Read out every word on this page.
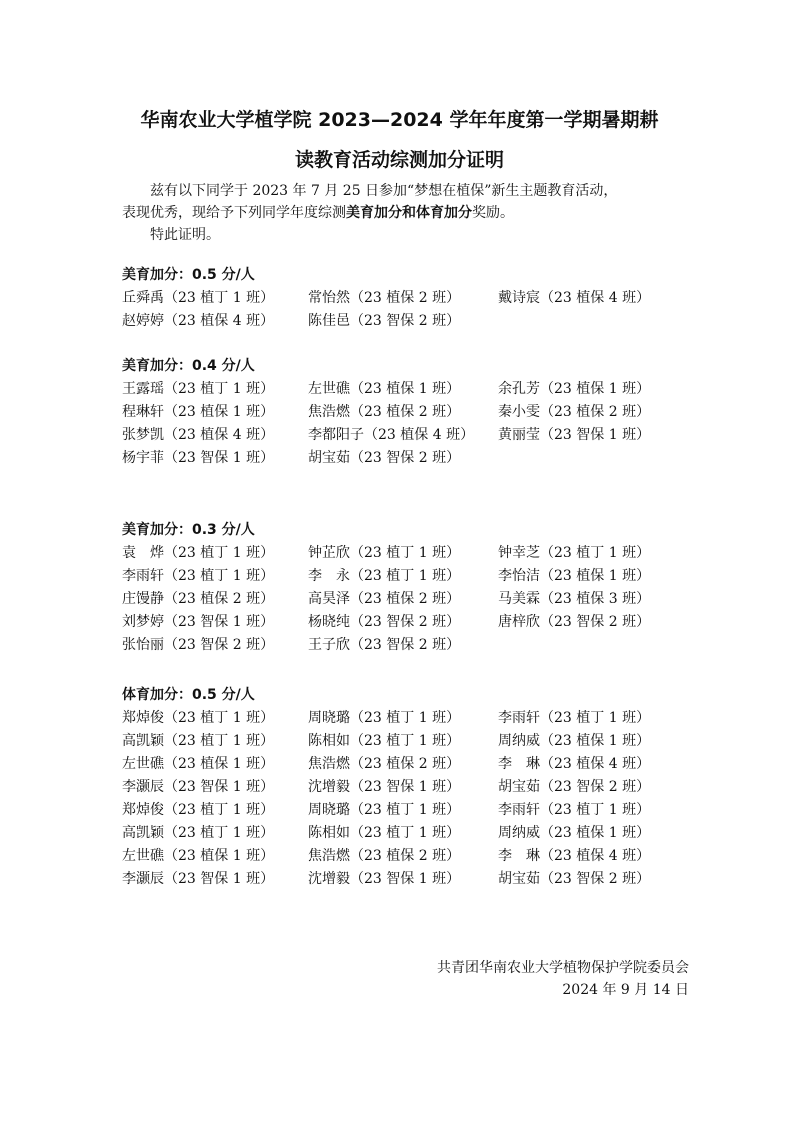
华南农业大学植学院 2023—2024 学年年度第一学期暑期耕
读教育活动综测加分证明
兹有以下同学于 2023 年 7 月 25 日参加“梦想在植保”新生主题教育活动，
表现优秀，现给予下列同学年度综测美育加分和体育加分奖励。
特此证明。
美育加分：0.5 分/人
丘舜禹（23 植丁 1 班）	常怡然（23 植保 2 班）	戴诗宸（23 植保 4 班）
赵婷婷（23 植保 4 班）	陈佳邑（23 智保 2 班）
美育加分：0.4 分/人
王露瑶（23 植丁 1 班）	左世礁（23 植保 1 班）	余孔芳（23 植保 1 班）
程琳轩（23 植保 1 班）	焦浩燃（23 植保 2 班）	秦小雯（23 植保 2 班）
张梦凯（23 植保 4 班）	李都阳子（23 植保 4 班） 黄丽莹（23 智保 1 班）
杨宇菲（23 智保 1 班）	胡宝茹（23 智保 2 班）
美育加分：0.3 分/人
袁　烨（23 植丁 1 班）	钟芷欣（23 植丁 1 班）	钟幸芝（23 植丁 1 班）
李雨轩（23 植丁 1 班）	李　永（23 植丁 1 班）	李怡洁（23 植保 1 班）
庄馒静（23 植保 2 班）	高昊泽（23 植保 2 班）	马美霖（23 植保 3 班）
刘梦婷（23 智保 1 班）	杨晓纯（23 智保 2 班）	唐梓欣（23 智保 2 班）
张怡丽（23 智保 2 班）	王子欣（23 智保 2 班）
体育加分：0.5 分/人
郑焯俊（23 植丁 1 班）	周晓璐（23 植丁 1 班）	李雨轩（23 植丁 1 班）
高凯颖（23 植丁 1 班）	陈相如（23 植丁 1 班）	周纳威（23 植保 1 班）
左世礁（23 植保 1 班）	焦浩燃（23 植保 2 班）	李　琳（23 植保 4 班）
李灏辰（23 智保 1 班）	沈增毅（23 智保 1 班）	胡宝茹（23 智保 2 班）
郑焯俊（23 植丁 1 班）	周晓璐（23 植丁 1 班）	李雨轩（23 植丁 1 班）
高凯颖（23 植丁 1 班）	陈相如（23 植丁 1 班）	周纳威（23 植保 1 班）
左世礁（23 植保 1 班）	焦浩燃（23 植保 2 班）	李　琳（23 植保 4 班）
李灏辰（23 智保 1 班）	沈增毅（23 智保 1 班）	胡宝茹（23 智保 2 班）
共青团华南农业大学植物保护学院委员会
2024 年 9 月 14 日
